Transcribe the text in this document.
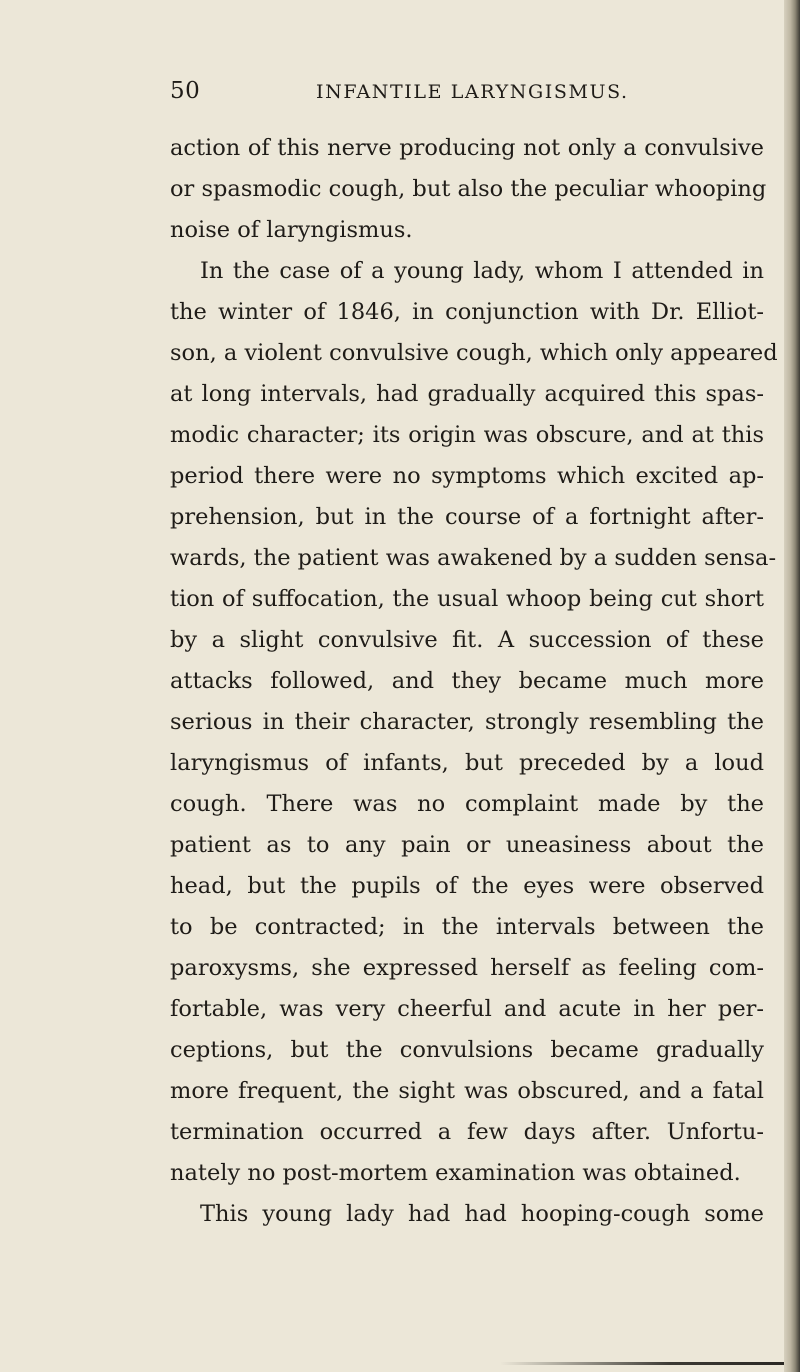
50	INFANTILE LARYNGISMUS.
action of this nerve producing not only a convulsive
or spasmodic cough, but also the peculiar whooping
noise of laryngismus.
In the case of a young lady, whom I attended in
the winter of 1846, in conjunction with Dr. Elliot-
son, a violent convulsive cough, which only appeared
at long intervals, had gradually acquired this spas-
modic character; its origin was obscure, and at this
period there were no symptoms which excited ap-
prehension, but in the course of a fortnight after-
wards, the patient was awakened by a sudden sensa-
tion of suffocation, the usual whoop being cut short
by a slight convulsive fit. A succession of these
attacks followed, and they became much more
serious in their character, strongly resembling the
laryngismus of infants, but preceded by a loud
cough. There was no complaint made by the
patient as to any pain or uneasiness about the
head, but the pupils of the eyes were observed
to be contracted; in the intervals between the
paroxysms, she expressed herself as feeling com-
fortable, was very cheerful and acute in her per-
ceptions, but the convulsions became gradually
more frequent, the sight was obscured, and a fatal
termination occurred a few days after. Unfortu-
nately no post-mortem examination was obtained.
This young lady had had hooping-cough some
